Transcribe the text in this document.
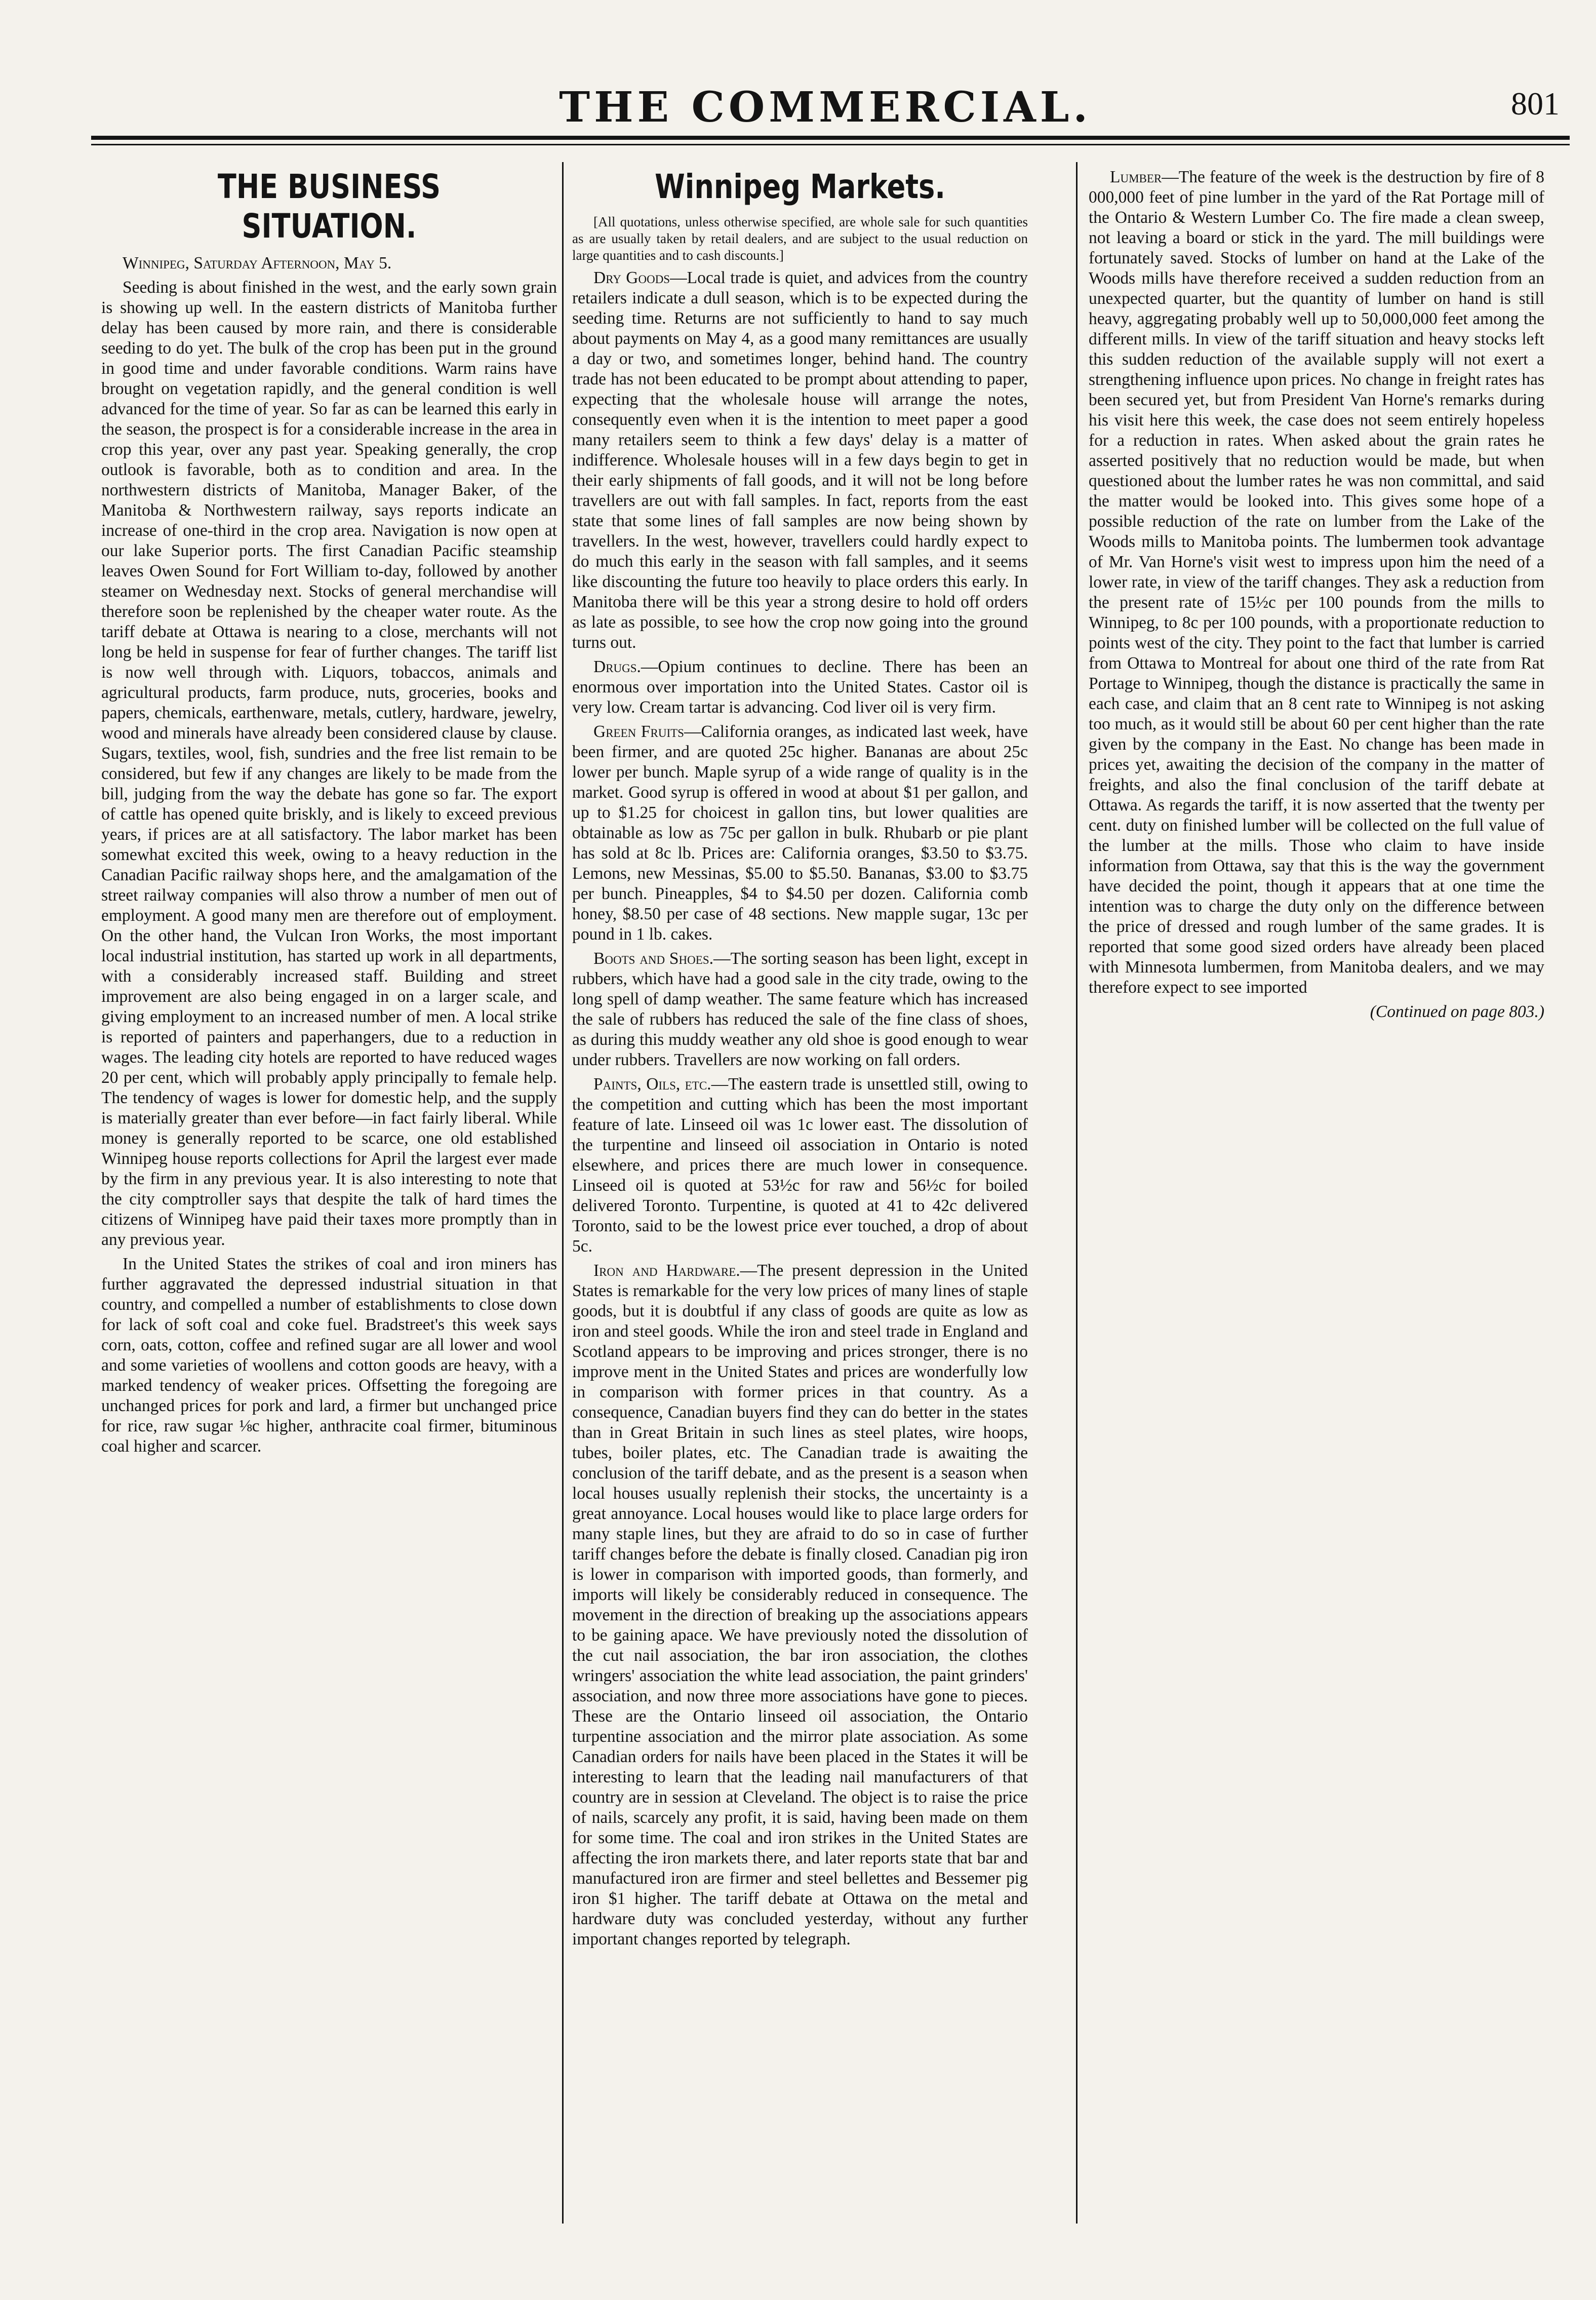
THE COMMERCIAL.	801
THE BUSINESS SITUATION.

Winnipeg, Saturday Afternoon, May 5.

Seeding is about finished in the west, and the early sown grain is showing up well. In the eastern districts of Manitoba further delay has been caused by more rain, and there is considerable seeding to do yet. The bulk of the crop has been put in the ground in good time and under favorable conditions. Warm rains have brought on vegetation rapidly, and the general condition is well advanced for the time of year. So far as can be learned this early in the season, the prospect is for a considerable increase in the area in crop this year, over any past year. Speaking generally, the crop outlook is favorable, both as to condition and area. In the northwestern districts of Manitoba, Manager Baker, of the Manitoba & Northwestern railway, says reports indicate an increase of one-third in the crop area. Navigation is now open at our lake Superior ports. The first Canadian Pacific steamship leaves Owen Sound for Fort William to-day, followed by another steamer on Wednesday next. Stocks of general merchandise will therefore soon be replenished by the cheaper water route. As the tariff debate at Ottawa is nearing to a close, merchants will not long be held in suspense for fear of further changes. The tariff list is now well through with. Liquors, tobaccos, animals and agricultural products, farm produce, nuts, groceries, books and papers, chemicals, earthenware, metals, cutlery, hardware, jewelry, wood and minerals have already been considered clause by clause. Sugars, textiles, wool, fish, sundries and the free list remain to be considered, but few if any changes are likely to be made from the bill, judging from the way the debate has gone so far. The export of cattle has opened quite briskly, and is likely to exceed previous years, if prices are at all satisfactory. The labor market has been somewhat excited this week, owing to a heavy reduction in the Canadian Pacific railway shops here, and the amalgamation of the street railway companies will also throw a number of men out of employment. A good many men are therefore out of employment. On the other hand, the Vulcan Iron Works, the most important local industrial institution, has started up work in all departments, with a considerably increased staff. Building and street improvement are also being engaged in on a larger scale, and giving employment to an increased number of men. A local strike is reported of painters and paperhangers, due to a reduction in wages. The leading city hotels are reported to have reduced wages 20 per cent, which will probably apply principally to female help. The tendency of wages is lower for domestic help, and the supply is materially greater than ever before—in fact fairly liberal. While money is generally reported to be scarce, one old established Winnipeg house reports collections for April the largest ever made by the firm in any previous year. It is also interesting to note that the city comptroller says that despite the talk of hard times the citizens of Winnipeg have paid their taxes more promptly than in any previous year.

In the United States the strikes of coal and iron miners has further aggravated the depressed industrial situation in that country, and compelled a number of establishments to close down for lack of soft coal and coke fuel. Bradstreet's this week says corn, oats, cotton, coffee and refined sugar are all lower and wool and some varieties of woollens and cotton goods are heavy, with a marked tendency of weaker prices. Offsetting the foregoing are unchanged prices for pork and lard, a firmer but unchanged price for rice, raw sugar ⅛c higher, anthracite coal firmer, bituminous coal higher and scarcer.

Winnipeg Markets.

[All quotations, unless otherwise specified, are whole sale for such quantities as are usually taken by retail dealers, and are subject to the usual reduction on large quantities and to cash discounts.]

Dry Goods—Local trade is quiet, and advices from the country retailers indicate a dull season, which is to be expected during the seeding time. Returns are not sufficiently to hand to say much about payments on May 4, as a good many remittances are usually a day or two, and sometimes longer, behind hand. The country trade has not been educated to be prompt about attending to paper, expecting that the wholesale house will arrange the notes, consequently even when it is the intention to meet paper a good many retailers seem to think a few days' delay is a matter of indifference. Wholesale houses will in a few days begin to get in their early shipments of fall goods, and it will not be long before travellers are out with fall samples. In fact, reports from the east state that some lines of fall samples are now being shown by travellers. In the west, however, travellers could hardly expect to do much this early in the season with fall samples, and it seems like discounting the future too heavily to place orders this early. In Manitoba there will be this year a strong desire to hold off orders as late as possible, to see how the crop now going into the ground turns out.

Drugs.—Opium continues to decline. There has been an enormous over importation into the United States. Castor oil is very low. Cream tartar is advancing. Cod liver oil is very firm.

Green Fruits—California oranges, as indicated last week, have been firmer, and are quoted 25c higher. Bananas are about 25c lower per bunch. Maple syrup of a wide range of quality is in the market. Good syrup is offered in wood at about $1 per gallon, and up to $1.25 for choicest in gallon tins, but lower qualities are obtainable as low as 75c per gallon in bulk. Rhubarb or pie plant has sold at 8c lb. Prices are: California oranges, $3.50 to $3.75. Lemons, new Messinas, $5.00 to $5.50. Bananas, $3.00 to $3.75 per bunch. Pineapples, $4 to $4.50 per dozen. California comb honey, $8.50 per case of 48 sections. New mapple sugar, 13c per pound in 1 lb. cakes.

Boots and Shoes.—The sorting season has been light, except in rubbers, which have had a good sale in the city trade, owing to the long spell of damp weather. The same feature which has increased the sale of rubbers has reduced the sale of the fine class of shoes, as during this muddy weather any old shoe is good enough to wear under rubbers. Travellers are now working on fall orders.

Paints, Oils, etc.—The eastern trade is unsettled still, owing to the competition and cutting which has been the most important feature of late. Linseed oil was 1c lower east. The dissolution of the turpentine and linseed oil association in Ontario is noted elsewhere, and prices there are much lower in consequence. Linseed oil is quoted at 53½c for raw and 56½c for boiled delivered Toronto. Turpentine, is quoted at 41 to 42c delivered Toronto, said to be the lowest price ever touched, a drop of about 5c.

Iron and Hardware.—The present depression in the United States is remarkable for the very low prices of many lines of staple goods, but it is doubtful if any class of goods are quite as low as iron and steel goods. While the iron and steel trade in England and Scotland appears to be improving and prices stronger, there is no improve ment in the United States and prices are wonderfully low in comparison with former prices in that country. As a consequence, Canadian buyers find they can do better in the states than in Great Britain in such lines as steel plates, wire hoops, tubes, boiler plates, etc. The Canadian trade is awaiting the conclusion of the tariff debate, and as the present is a season when local houses usually replenish their stocks, the uncertainty is a great annoyance. Local houses would like to place large orders for many staple lines, but they are afraid to do so in case of further tariff changes before the debate is finally closed. Canadian pig iron is lower in comparison with imported goods, than formerly, and imports will likely be considerably reduced in consequence. The movement in the direction of breaking up the associations appears to be gaining apace. We have previously noted the dissolution of the cut nail association, the bar iron association, the clothes wringers' association the white lead association, the paint grinders' association, and now three more associations have gone to pieces. These are the Ontario linseed oil association, the Ontario turpentine association and the mirror plate association. As some Canadian orders for nails have been placed in the States it will be interesting to learn that the leading nail manufacturers of that country are in session at Cleveland. The object is to raise the price of nails, scarcely any profit, it is said, having been made on them for some time. The coal and iron strikes in the United States are affecting the iron markets there, and later reports state that bar and manufactured iron are firmer and steel bellettes and Bessemer pig iron $1 higher. The tariff debate at Ottawa on the metal and hardware duty was concluded yesterday, without any further important changes reported by telegraph.

Lumber—The feature of the week is the destruction by fire of 8 000,000 feet of pine lumber in the yard of the Rat Portage mill of the Ontario & Western Lumber Co. The fire made a clean sweep, not leaving a board or stick in the yard. The mill buildings were fortunately saved. Stocks of lumber on hand at the Lake of the Woods mills have therefore received a sudden reduction from an unexpected quarter, but the quantity of lumber on hand is still heavy, aggregating probably well up to 50,000,000 feet among the different mills. In view of the tariff situation and heavy stocks left this sudden reduction of the available supply will not exert a strengthening influence upon prices. No change in freight rates has been secured yet, but from President Van Horne's remarks during his visit here this week, the case does not seem entirely hopeless for a reduction in rates. When asked about the grain rates he asserted positively that no reduction would be made, but when questioned about the lumber rates he was non committal, and said the matter would be looked into. This gives some hope of a possible reduction of the rate on lumber from the Lake of the Woods mills to Manitoba points. The lumbermen took advantage of Mr. Van Horne's visit west to impress upon him the need of a lower rate, in view of the tariff changes. They ask a reduction from the present rate of 15½c per 100 pounds from the mills to Winnipeg, to 8c per 100 pounds, with a proportionate reduction to points west of the city. They point to the fact that lumber is carried from Ottawa to Montreal for about one third of the rate from Rat Portage to Winnipeg, though the distance is practically the same in each case, and claim that an 8 cent rate to Winnipeg is not asking too much, as it would still be about 60 per cent higher than the rate given by the company in the East. No change has been made in prices yet, awaiting the decision of the company in the matter of freights, and also the final conclusion of the tariff debate at Ottawa. As regards the tariff, it is now asserted that the twenty per cent. duty on finished lumber will be collected on the full value of the lumber at the mills. Those who claim to have inside information from Ottawa, say that this is the way the government have decided the point, though it appears that at one time the intention was to charge the duty only on the difference between the price of dressed and rough lumber of the same grades. It is reported that some good sized orders have already been placed with Minnesota lumbermen, from Manitoba dealers, and we may therefore expect to see imported

(Continued on page 803.)
